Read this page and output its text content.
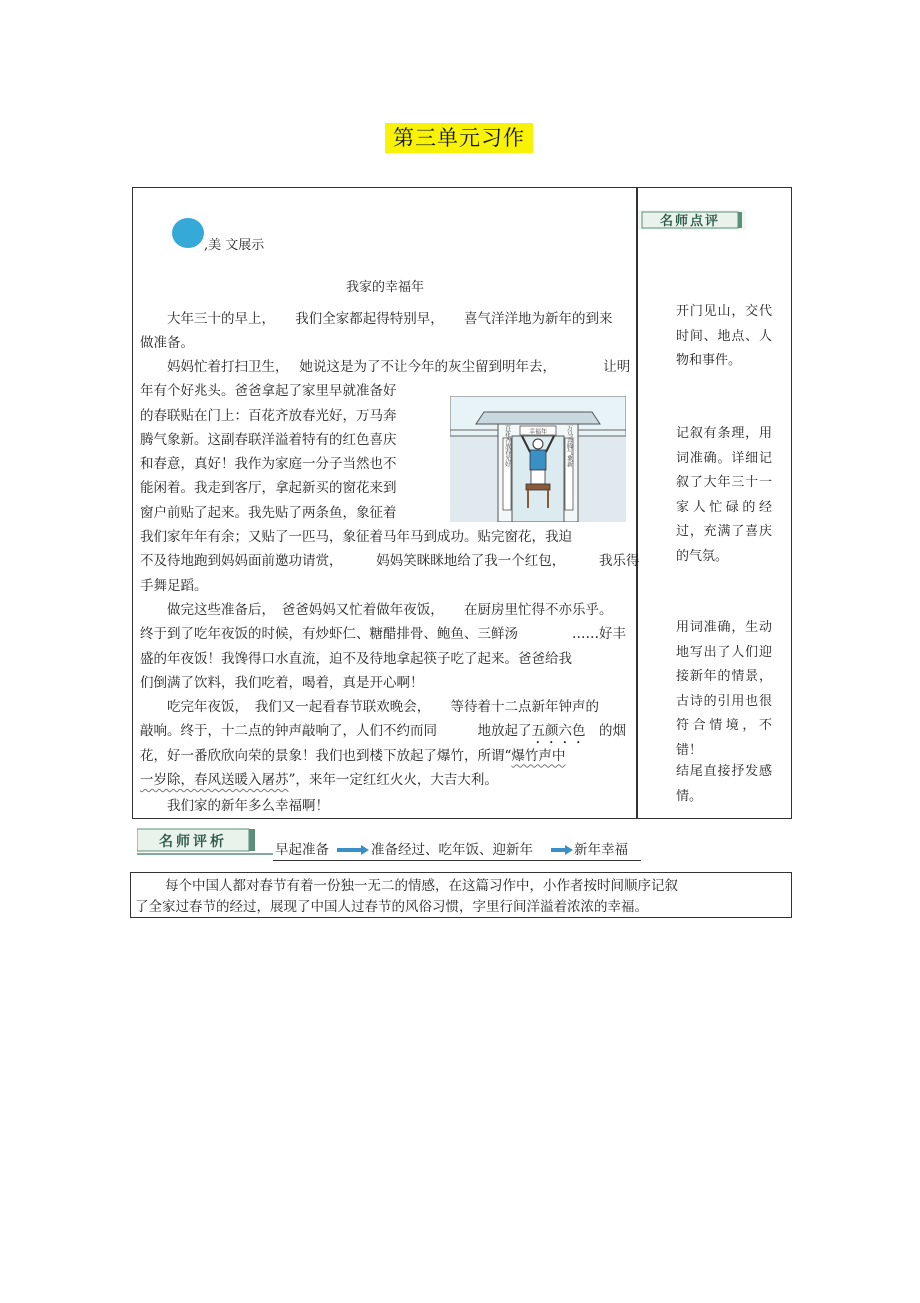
第三单元习作
,美 文展示
我家的幸福年
大年三十的早上，　　我们全家都起得特别早，　　喜气洋洋地为新年的到来
做准备。
妈妈忙着打扫卫生，　 她说这是为了不让今年的灰尘留到明年去，　　　　让明
年有个好兆头。爸爸拿起了家里早就准备好
的春联贴在门上：百花齐放春光好，万马奔
腾气象新。这副春联洋溢着特有的红色喜庆
和春意，真好！我作为家庭一分子当然也不
能闲着。我走到客厅，拿起新买的窗花来到
窗户前贴了起来。我先贴了两条鱼，象征着
我们家年年有余；又贴了一匹马，象征着马年马到成功。贴完窗花，我迫
不及待地跑到妈妈面前邀功请赏，　　　妈妈笑眯眯地给了我一个红包，　　　我乐得
手舞足蹈。
做完这些准备后，　爸爸妈妈又忙着做年夜饭，　　在厨房里忙得不亦乐乎。
终于到了吃年夜饭的时候，有炒虾仁、糖醋排骨、鲍鱼、三鲜汤　　　　……好丰
盛的年夜饭！我馋得口水直流，迫不及待地拿起筷子吃了起来。爸爸给我
们倒满了饮料，我们吃着，喝着，真是开心啊！
吃完年夜饭，　我们又一起看春节联欢晚会，　　等待着十二点新年钟声的
敲响。终于，十二点的钟声敲响了，人们不约而同　　　	地放起了五颜六色　的烟
花，好一番欣欣向荣的景象！我们也到楼下放起了爆竹，所谓“爆竹声中
一岁除，春风送暖入屠苏”，来年一定红红火火，大吉大利。
我们家的新年多么幸福啊！
幸福年
百花齐放春光好	万马奔腾气象新
名师点评
开门见山，交代时间、地点、人物和事件。
记叙有条理，用词准确。详细记叙了大年三十一家人忙碌的经过，充满了喜庆的气氛。
用词准确，生动地写出了人们迎接新年的情景，古诗的引用也很符合情境，不错！
结尾直接抒发感情。
名师评析	早起准备	准备经过、吃年饭、迎新年	新年幸福
每个中国人都对春节有着一份独一无二的情感，在这篇习作中，小作者按时间顺序记叙
了全家过春节的经过，展现了中国人过春节的风俗习惯，字里行间洋溢着浓浓的幸福。
